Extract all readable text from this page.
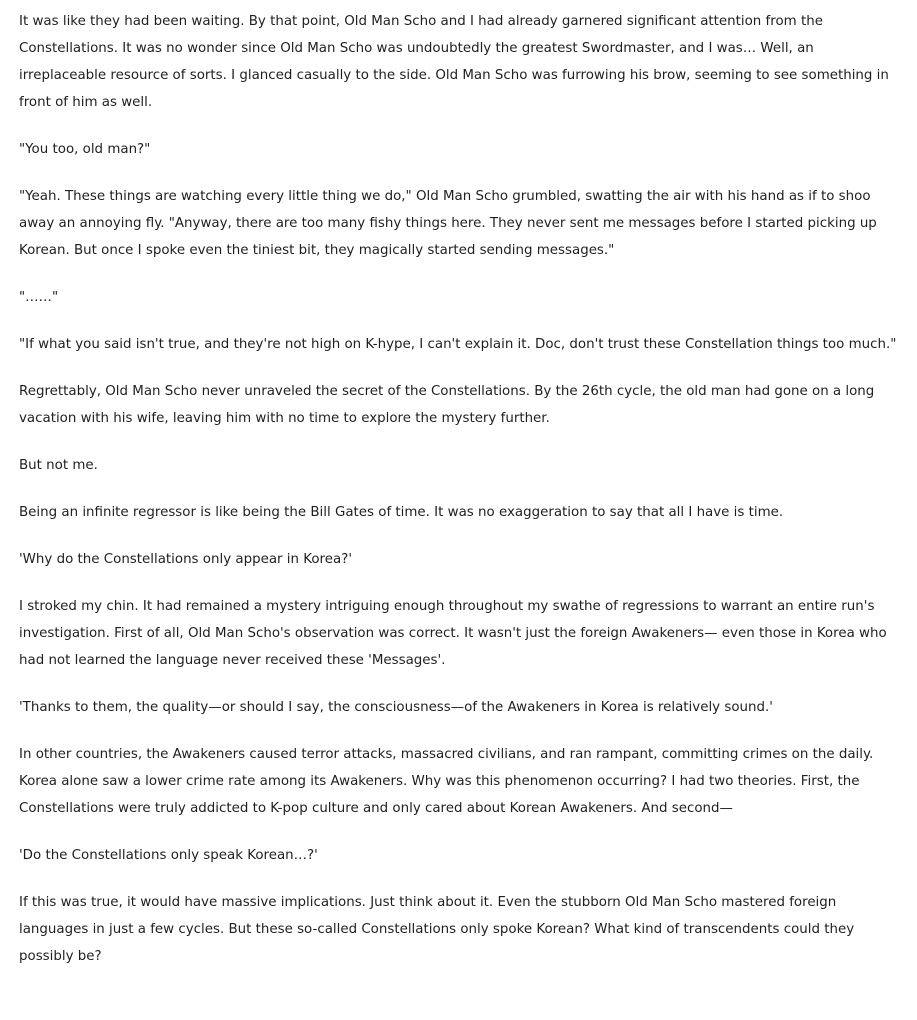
It was like they had been waiting. By that point, Old Man Scho and I had already garnered significant attention from the Constellations. It was no wonder since Old Man Scho was undoubtedly the greatest Swordmaster, and I was… Well, an irreplaceable resource of sorts. I glanced casually to the side. Old Man Scho was furrowing his brow, seeming to see something in front of him as well.

"You too, old man?"

"Yeah. These things are watching every little thing we do," Old Man Scho grumbled, swatting the air with his hand as if to shoo away an annoying fly. "Anyway, there are too many fishy things here. They never sent me messages before I started picking up Korean. But once I spoke even the tiniest bit, they magically started sending messages."

"……"

"If what you said isn't true, and they're not high on K-hype, I can't explain it. Doc, don't trust these Constellation things too much."

Regrettably, Old Man Scho never unraveled the secret of the Constellations. By the 26th cycle, the old man had gone on a long vacation with his wife, leaving him with no time to explore the mystery further.

But not me.

Being an infinite regressor is like being the Bill Gates of time. It was no exaggeration to say that all I have is time.

'Why do the Constellations only appear in Korea?'

I stroked my chin. It had remained a mystery intriguing enough throughout my swathe of regressions to warrant an entire run's investigation. First of all, Old Man Scho's observation was correct. It wasn't just the foreign Awakeners— even those in Korea who had not learned the language never received these 'Messages'.

'Thanks to them, the quality—or should I say, the consciousness—of the Awakeners in Korea is relatively sound.'

In other countries, the Awakeners caused terror attacks, massacred civilians, and ran rampant, committing crimes on the daily. Korea alone saw a lower crime rate among its Awakeners. Why was this phenomenon occurring? I had two theories. First, the Constellations were truly addicted to K-pop culture and only cared about Korean Awakeners. And second—

'Do the Constellations only speak Korean…?'

If this was true, it would have massive implications. Just think about it. Even the stubborn Old Man Scho mastered foreign languages in just a few cycles. But these so-called Constellations only spoke Korean? What kind of transcendents could they possibly be?
